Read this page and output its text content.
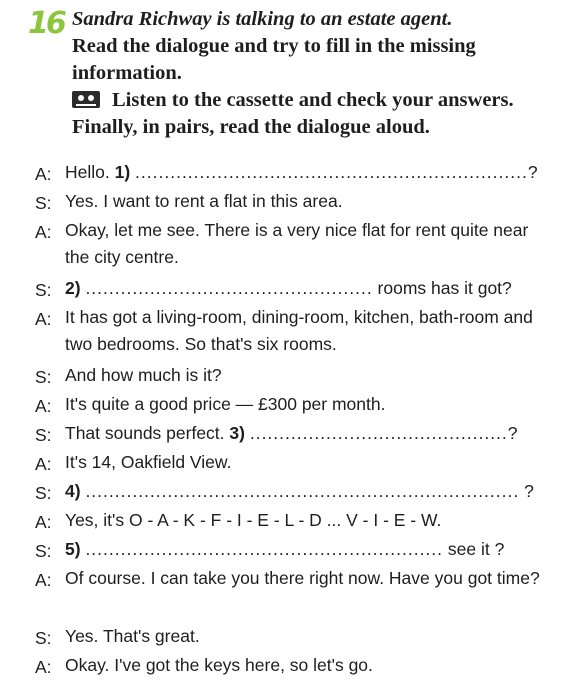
16 Sandra Richway is talking to an estate agent.
Read the dialogue and try to fill in the missing
information.
Listen to the cassette and check your answers.
Finally, in pairs, read the dialogue aloud.
A: Hello. 1) ...................................................................?
S: Yes. I want to rent a flat in this area.
A: Okay, let me see. There is a very nice flat for rent quite near the city centre.
S: 2) ................................................. rooms has it got?
A: It has got a living-room, dining-room, kitchen, bath-room and two bedrooms. So that's six rooms.
S: And how much is it?
A: It's quite a good price — £300 per month.
S: That sounds perfect. 3) ............................................?
A: It's 14, Oakfield View.
S: 4) .......................................................................... ?
A: Yes, it's O - A - K - F - I - E - L - D ... V - I - E - W.
S: 5) ............................................................. see it ?
A: Of course. I can take you there right now. Have you got time?
S: Yes. That's great.
A: Okay. I've got the keys here, so let's go.
